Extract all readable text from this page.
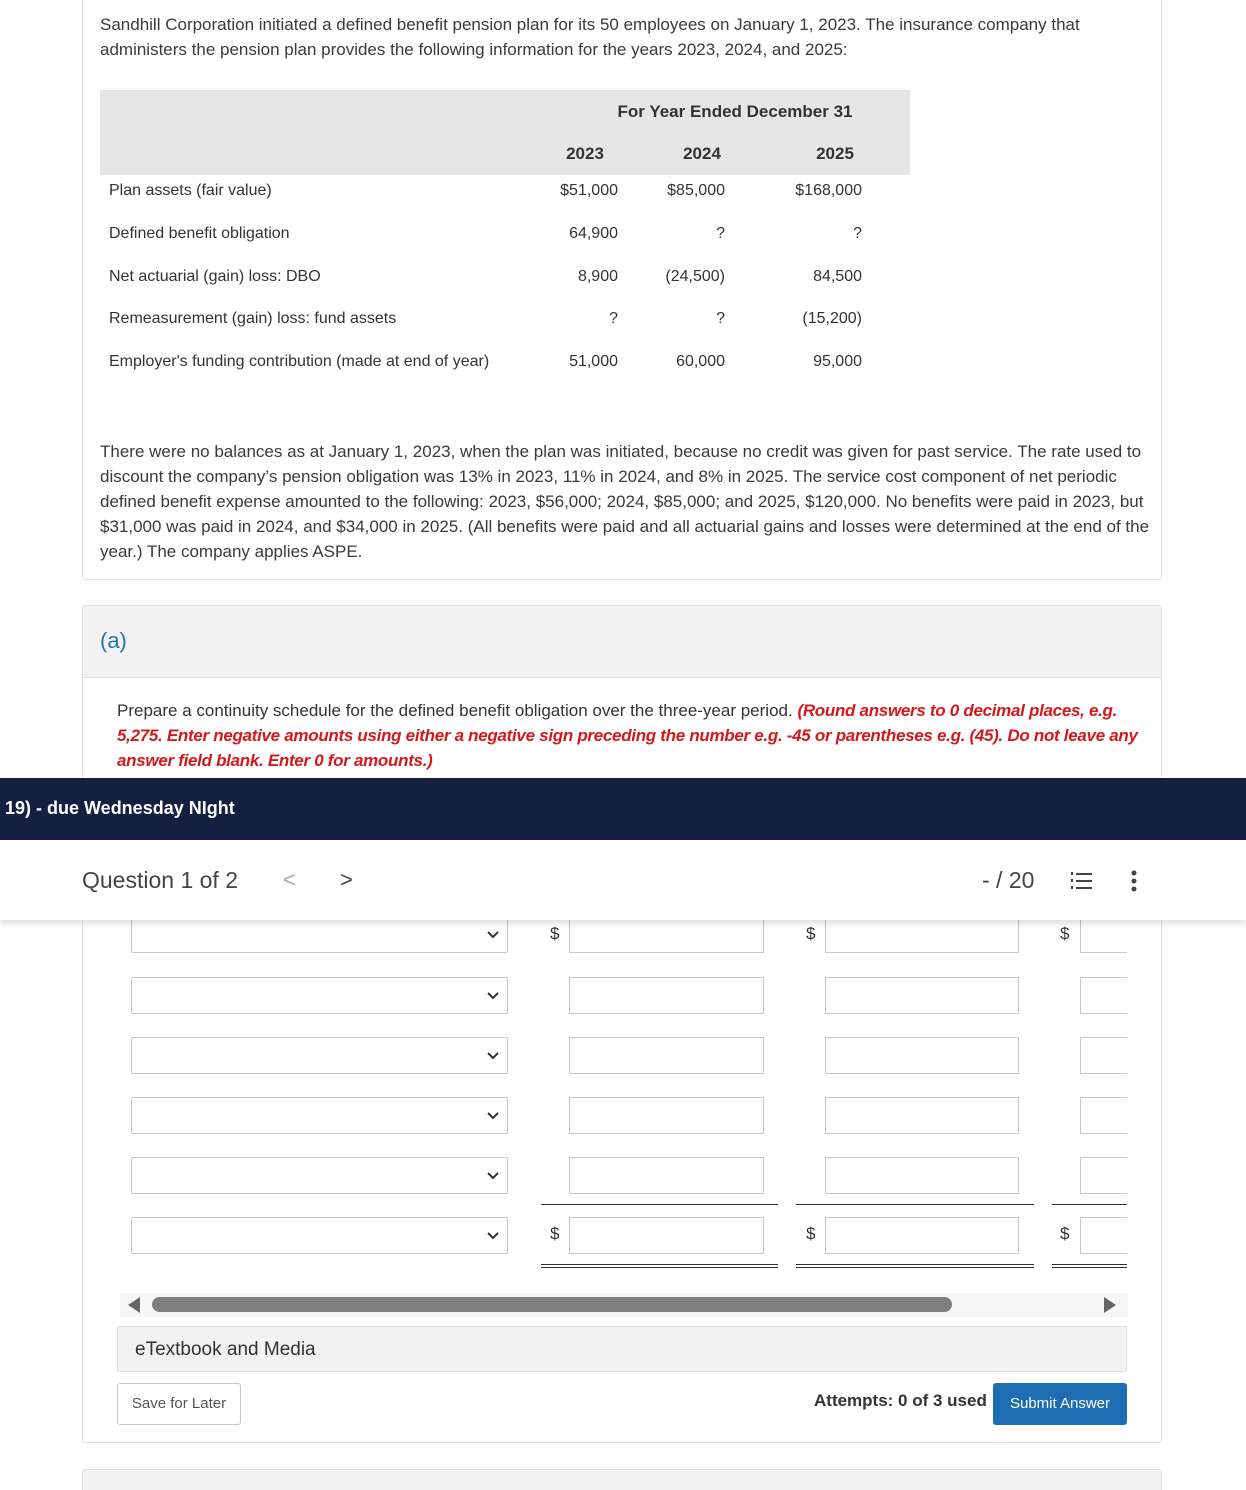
Sandhill Corporation initiated a defined benefit pension plan for its 50 employees on January 1, 2023. The insurance company that administers the pension plan provides the following information for the years 2023, 2024, and 2025:
For Year Ended December 31
2023	2024	2025
Plan assets (fair value)	$51,000	$85,000	$168,000
Defined benefit obligation	64,900	?	?
Net actuarial (gain) loss: DBO	8,900	(24,500)	84,500
Remeasurement (gain) loss: fund assets	?	?	(15,200)
Employer's funding contribution (made at end of year)	51,000	60,000	95,000
There were no balances as at January 1, 2023, when the plan was initiated, because no credit was given for past service. The rate used to discount the company’s pension obligation was 13% in 2023, 11% in 2024, and 8% in 2025. The service cost component of net periodic defined benefit expense amounted to the following: 2023, $56,000; 2024, $85,000; and 2025, $120,000. No benefits were paid in 2023, but $31,000 was paid in 2024, and $34,000 in 2025. (All benefits were paid and all actuarial gains and losses were determined at the end of the year.) The company applies ASPE.
(a)
Prepare a continuity schedule for the defined benefit obligation over the three-year period. (Round answers to 0 decimal places, e.g. 5,275. Enter negative amounts using either a negative sign preceding the number e.g. -45 or parentheses e.g. (45). Do not leave any answer field blank. Enter 0 for amounts.)
19) - due Wednesday NIght
Question 1 of 2 < >	- / 20
$	$	$
$	$	$
eTextbook and Media
Save for Later	Attempts: 0 of 3 used	Submit Answer
